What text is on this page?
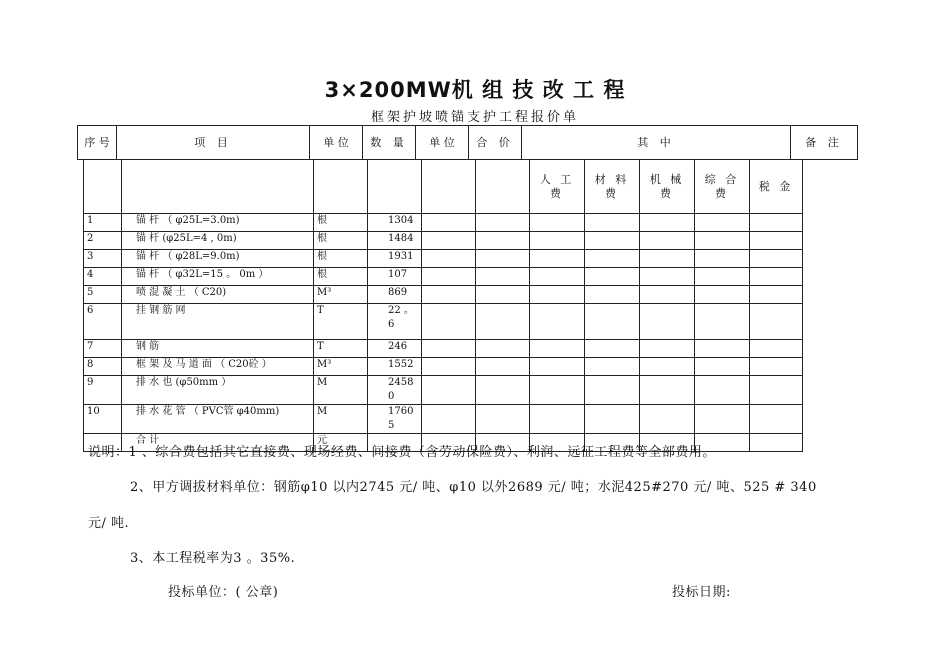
3×200MW机 组 技 改 工 程
框架护坡喷锚支护工程报价单
序 号	项 目	单 位	数 量	单 位	合 价	其 中	备 注
						人 工 费	材 料 费	机 械 费	综 合 费	税 金
1	锚 杆 （ φ25L=3.0m)	根	1304							
2	锚 杆 (φ25L=4 , 0m)	根	1484							
3	锚 杆 （ φ28L=9.0m)	根	1931							
4	锚 杆 （ φ32L=15 。 0m ）	根	107							
5	喷 混 凝 土 （ C20)	M³	869							
6	挂 钢 筋 网	T	22 。6							
7	钢 筋	T	246							
8	框 架 及 马 道 面 （ C20砼 ）	M³	1552							
9	排 水 也 (φ50mm ）	M	24580							
10	排 水 花 管 （ PVC管 φ40mm)	M	17605							
	合 计	元								
说明：1 、综合费包括其它直接费、现场经费、间接费（含劳动保险费）、利润、远征工程费等全部费用。
2、甲方调拔材料单位：钢筋φ10 以内2745 元/ 吨、φ10 以外2689 元/ 吨；水泥425#270 元/ 吨、525 # 340
元/ 吨.
3、本工程税率为3 。35%.
投标单位：( 公章)	投标日期:
